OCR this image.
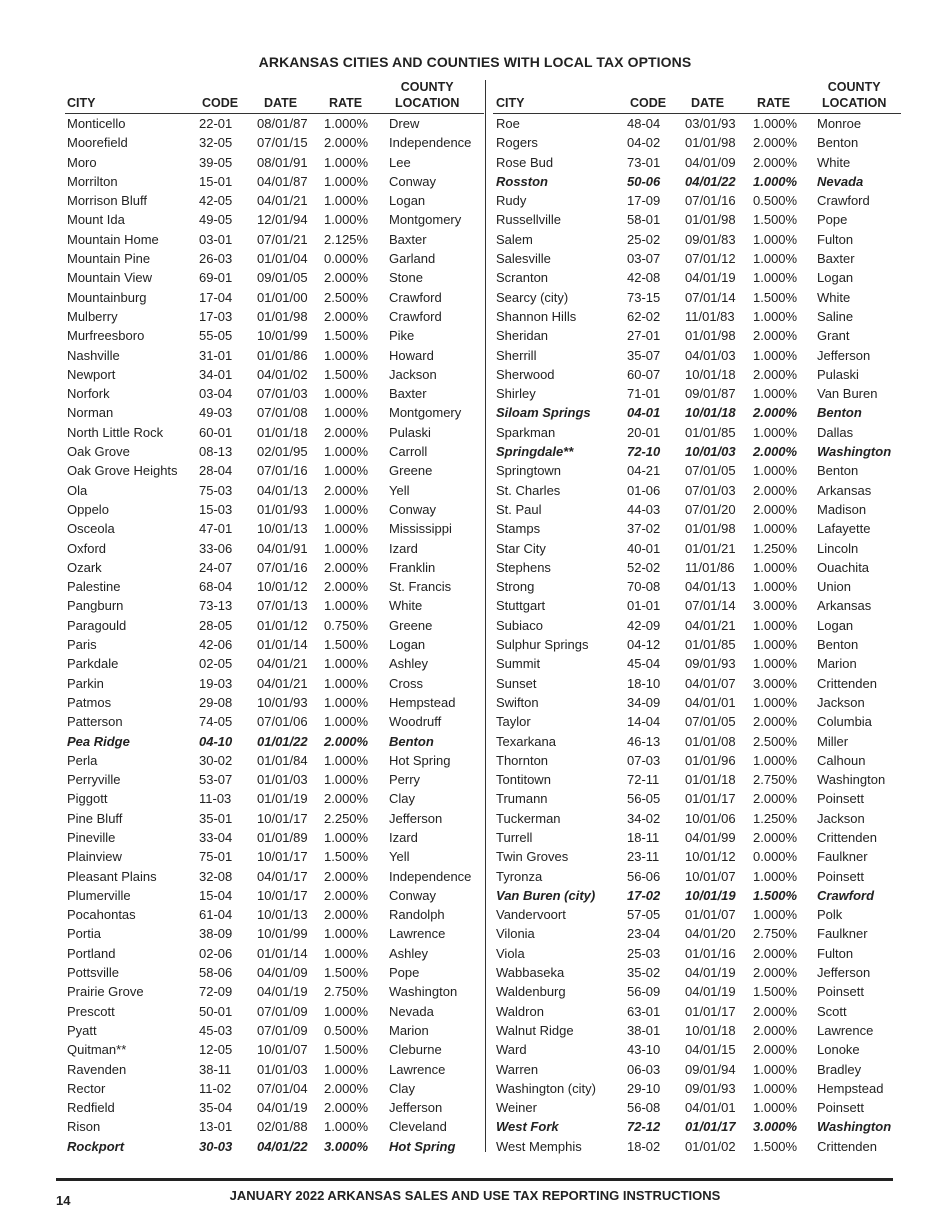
ARKANSAS CITIES AND COUNTIES WITH LOCAL TAX OPTIONS
CITY	CODE DATE	RATE
COUNTY
LOCATION
Monticello	22-01 08/01/87 1.000% Drew
Moorefield	32-05 07/01/15 2.000% Independence
Moro	39-05 08/01/91 1.000% Lee
Morrilton	15-01 04/01/87 1.000% Conway
Morrison Bluff	42-05 04/01/21 1.000% Logan
Mount Ida	49-05 12/01/94 1.000% Montgomery
Mountain Home	03-01 07/01/21 2.125% Baxter
Mountain Pine	26-03 01/01/04 0.000% Garland
Mountain View	69-01 09/01/05 2.000% Stone
Mountainburg	17-04 01/01/00 2.500% Crawford
Mulberry	17-03 01/01/98 2.000% Crawford
Murfreesboro	55-05 10/01/99 1.500% Pike
Nashville	31-01 01/01/86 1.000% Howard
Newport	34-01 04/01/02 1.500% Jackson
Norfork	03-04 07/01/03 1.000% Baxter
Norman	49-03 07/01/08 1.000% Montgomery
North Little Rock	60-01 01/01/18 2.000% Pulaski
Oak Grove	08-13 02/01/95 1.000% Carroll
Oak Grove Heights 28-04 07/01/16 1.000% Greene
Ola	75-03 04/01/13 2.000% Yell
Oppelo	15-03 01/01/93 1.000% Conway
Osceola	47-01 10/01/13 1.000% Mississippi
Oxford	33-06 04/01/91 1.000% Izard
Ozark	24-07 07/01/16 2.000% Franklin
Palestine	68-04 10/01/12 2.000% St. Francis
Pangburn	73-13 07/01/13 1.000% White
Paragould	28-05 01/01/12 0.750% Greene
Paris	42-06 01/01/14 1.500% Logan
Parkdale	02-05 04/01/21 1.000% Ashley
Parkin	19-03 04/01/21 1.000% Cross
Patmos	29-08 10/01/93 1.000% Hempstead
Patterson	74-05 07/01/06 1.000% Woodruff
Pea Ridge	04-10 01/01/22 2.000% Benton
Perla	30-02 01/01/84 1.000% Hot Spring
Perryville	53-07 01/01/03 1.000% Perry
Piggott	11-03 01/01/19 2.000% Clay
Pine Bluff	35-01 10/01/17 2.250% Jefferson
Pineville	33-04 01/01/89 1.000% Izard
Plainview	75-01 10/01/17 1.500% Yell
Pleasant Plains	32-08 04/01/17 2.000% Independence
Plumerville	15-04 10/01/17 2.000% Conway
Pocahontas	61-04 10/01/13 2.000% Randolph
Portia	38-09 10/01/99 1.000% Lawrence
Portland	02-06 01/01/14 1.000% Ashley
Pottsville	58-06 04/01/09 1.500% Pope
Prairie Grove	72-09 04/01/19 2.750% Washington
Prescott	50-01 07/01/09 1.000% Nevada
Pyatt	45-03 07/01/09 0.500% Marion
Quitman**	12-05 10/01/07 1.500% Cleburne
Ravenden	38-11 01/01/03 1.000% Lawrence
Rector	11-02 07/01/04 2.000% Clay
Redfield	35-04 04/01/19 2.000% Jefferson
Rison	13-01 02/01/88 1.000% Cleveland
Rockport	30-03 04/01/22 3.000% Hot Spring
CITY	CODE DATE	RATE
COUNTY
LOCATION
Roe	48-04 03/01/93 1.000% Monroe
Rogers	04-02 01/01/98 2.000% Benton
Rose Bud	73-01 04/01/09 2.000% White
Rosston	50-06 04/01/22 1.000% Nevada
Rudy	17-09 07/01/16 0.500% Crawford
Russellville	58-01 01/01/98 1.500% Pope
Salem	25-02 09/01/83 1.000% Fulton
Salesville	03-07 07/01/12 1.000% Baxter
Scranton	42-08 04/01/19 1.000% Logan
Searcy (city)	73-15 07/01/14 1.500% White
Shannon Hills	62-02 11/01/83 1.000% Saline
Sheridan	27-01 01/01/98 2.000% Grant
Sherrill	35-07 04/01/03 1.000% Jefferson
Sherwood	60-07 10/01/18 2.000% Pulaski
Shirley	71-01 09/01/87 1.000% Van Buren
Siloam Springs	04-01 10/01/18 2.000% Benton
Sparkman	20-01 01/01/85 1.000% Dallas
Springdale**	72-10 10/01/03 2.000% Washington
Springtown	04-21 07/01/05 1.000% Benton
St. Charles	01-06 07/01/03 2.000% Arkansas
St. Paul	44-03 07/01/20 2.000% Madison
Stamps	37-02 01/01/98 1.000% Lafayette
Star City	40-01 01/01/21 1.250% Lincoln
Stephens	52-02 11/01/86 1.000% Ouachita
Strong	70-08 04/01/13 1.000% Union
Stuttgart	01-01 07/01/14 3.000% Arkansas
Subiaco	42-09 04/01/21 1.000% Logan
Sulphur Springs	04-12 01/01/85 1.000% Benton
Summit	45-04 09/01/93 1.000% Marion
Sunset	18-10 04/01/07 3.000% Crittenden
Swifton	34-09 04/01/01 1.000% Jackson
Taylor	14-04 07/01/05 2.000% Columbia
Texarkana	46-13 01/01/08 2.500% Miller
Thornton	07-03 01/01/96 1.000% Calhoun
Tontitown	72-11 01/01/18 2.750% Washington
Trumann	56-05 01/01/17 2.000% Poinsett
Tuckerman	34-02 10/01/06 1.250% Jackson
Turrell	18-11 04/01/99 2.000% Crittenden
Twin Groves	23-11 10/01/12 0.000% Faulkner
Tyronza	56-06 10/01/07 1.000% Poinsett
Van Buren (city) 17-02 10/01/19 1.500% Crawford
Vandervoort	57-05 01/01/07 1.000% Polk
Vilonia	23-04 04/01/20 2.750% Faulkner
Viola	25-03 01/01/16 2.000% Fulton
Wabbaseka	35-02 04/01/19 2.000% Jefferson
Waldenburg	56-09 04/01/19 1.500% Poinsett
Waldron	63-01 01/01/17 2.000% Scott
Walnut Ridge	38-01 10/01/18 2.000% Lawrence
Ward	43-10 04/01/15 2.000% Lonoke
Warren	06-03 09/01/94 1.000% Bradley
Washington (city) 29-10 09/01/93 1.000% Hempstead
Weiner	56-08 04/01/01 1.000% Poinsett
West Fork	72-12 01/01/17 3.000% Washington
West Memphis	18-02 01/01/02 1.500% Crittenden
14	JANUARY 2022 ARKANSAS SALES AND USE TAX REPORTING INSTRUCTIONS
